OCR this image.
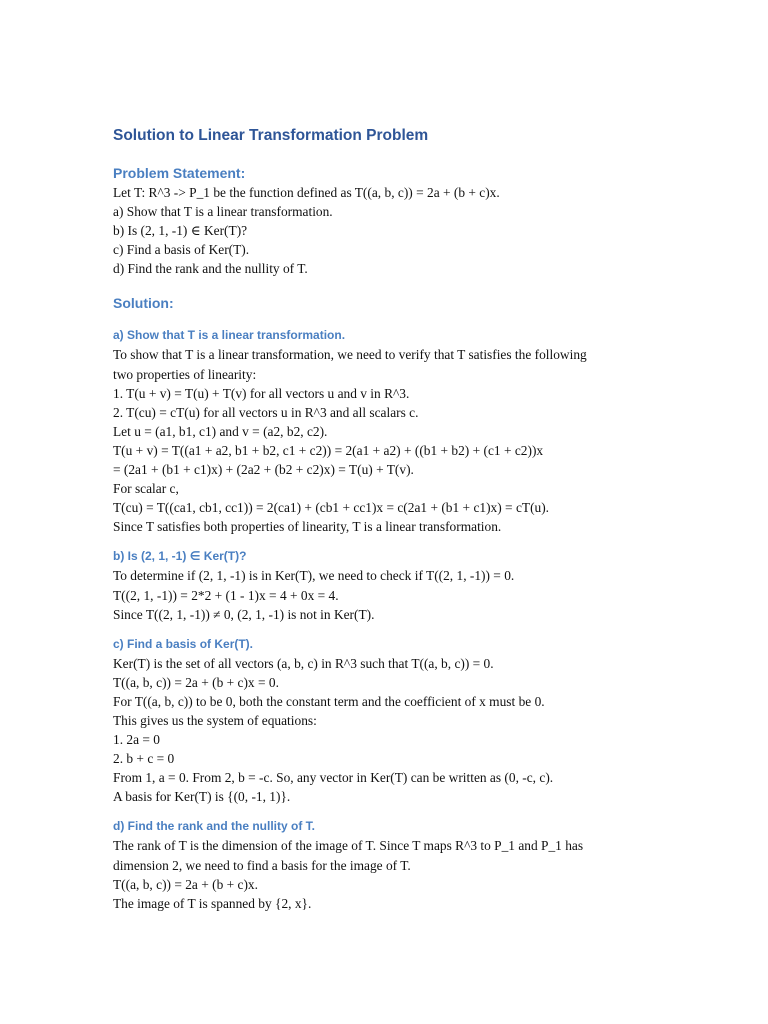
Solution to Linear Transformation Problem
Problem Statement:

Let T: R^3 -> P_1 be the function defined as T((a, b, c)) = 2a + (b + c)x.

a) Show that T is a linear transformation.

b) Is (2, 1, -1) ∈ Ker(T)?

c) Find a basis of Ker(T).

d) Find the rank and the nullity of T.

Solution:
a) Show that T is a linear transformation.

To show that T is a linear transformation, we need to verify that T satisfies the following

two properties of linearity:

1. T(u + v) = T(u) + T(v) for all vectors u and v in R^3.

2. T(cu) = cT(u) for all vectors u in R^3 and all scalars c.

Let u = (a1, b1, c1) and v = (a2, b2, c2).

T(u + v) = T((a1 + a2, b1 + b2, c1 + c2)) = 2(a1 + a2) + ((b1 + b2) + (c1 + c2))x

= (2a1 + (b1 + c1)x) + (2a2 + (b2 + c2)x) = T(u) + T(v).

For scalar c,

T(cu) = T((ca1, cb1, cc1)) = 2(ca1) + (cb1 + cc1)x = c(2a1 + (b1 + c1)x) = cT(u).

Since T satisfies both properties of linearity, T is a linear transformation.

b) Is (2, 1, -1) ∈ Ker(T)?

To determine if (2, 1, -1) is in Ker(T), we need to check if T((2, 1, -1)) = 0.

T((2, 1, -1)) = 2*2 + (1 - 1)x = 4 + 0x = 4.

Since T((2, 1, -1)) ≠ 0, (2, 1, -1) is not in Ker(T).

c) Find a basis of Ker(T).

Ker(T) is the set of all vectors (a, b, c) in R^3 such that T((a, b, c)) = 0.

T((a, b, c)) = 2a + (b + c)x = 0.

For T((a, b, c)) to be 0, both the constant term and the coefficient of x must be 0.

This gives us the system of equations:

1. 2a = 0

2. b + c = 0

From 1, a = 0. From 2, b = -c. So, any vector in Ker(T) can be written as (0, -c, c).

A basis for Ker(T) is {(0, -1, 1)}.

d) Find the rank and the nullity of T.

The rank of T is the dimension of the image of T. Since T maps R^3 to P_1 and P_1 has

dimension 2, we need to find a basis for the image of T.

T((a, b, c)) = 2a + (b + c)x.

The image of T is spanned by {2, x}.
